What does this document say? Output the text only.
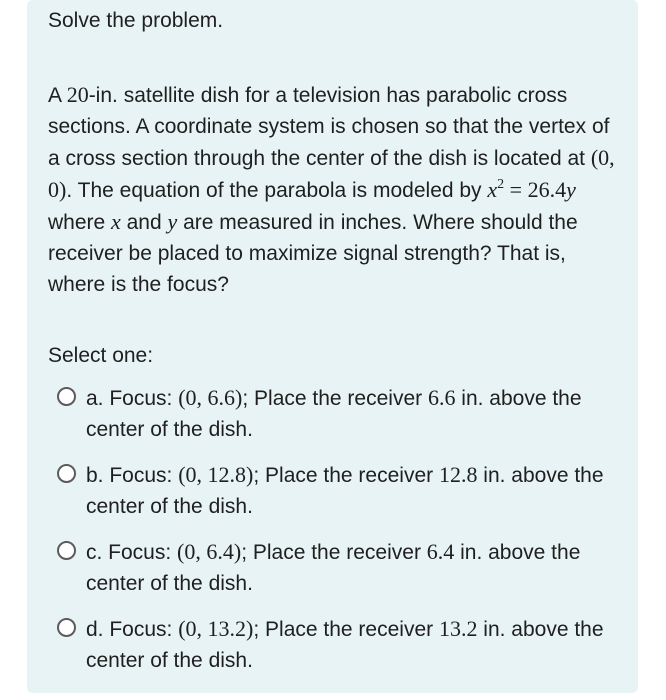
Solve the problem.
A 20-in. satellite dish for a television has parabolic cross sections. A coordinate system is chosen so that the vertex of a cross section through the center of the dish is located at (0, 0). The equation of the parabola is modeled by $x^2 = 26.4y$ where x and y are measured in inches. Where should the receiver be placed to maximize signal strength? That is, where is the focus?
Select one:
a. Focus: (0, 6.6); Place the receiver 6.6 in. above the center of the dish.
b. Focus: (0, 12.8); Place the receiver 12.8 in. above the center of the dish.
c. Focus: (0, 6.4); Place the receiver 6.4 in. above the center of the dish.
d. Focus: (0, 13.2); Place the receiver 13.2 in. above the center of the dish.
